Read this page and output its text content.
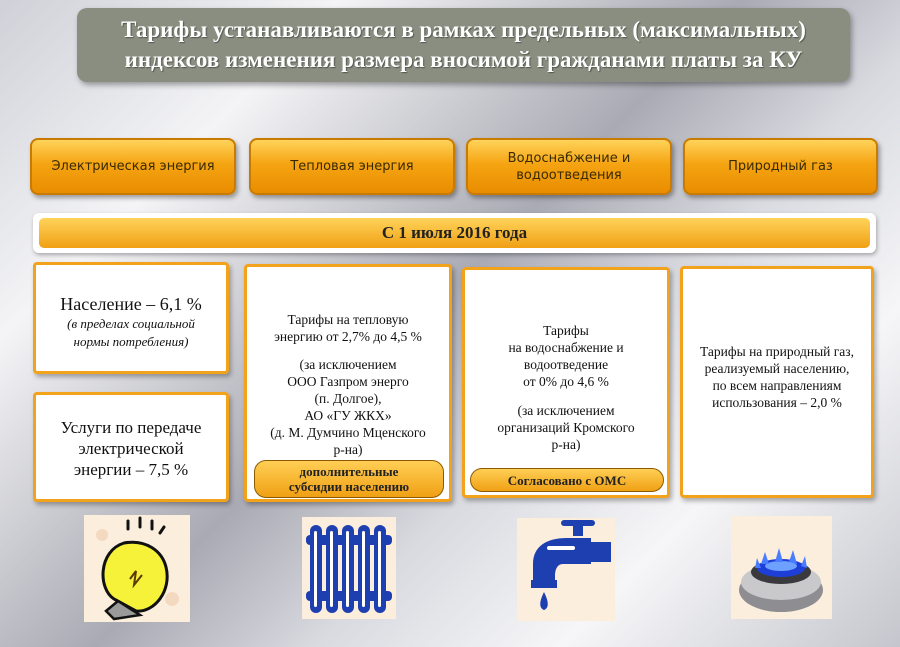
Тарифы устанавливаются в рамках предельных (максимальных)
индексов изменения размера вносимой гражданами платы за КУ
Электрическая энергия	Тепловая энергия
Водоснабжение и
водоотведения
Природный газ
С 1 июля 2016 года
Население – 6,1 %
(в пределах социальной
нормы потребления)
Услуги по передаче
электрической
энергии – 7,5 %
Тарифы на тепловую
энергию от 2,7% до 4,5 %
(за исключением
ООО Газпром энерго
(п. Долгое),
АО «ГУ ЖКХ»
(д. М. Думчино Мценского
р-на)
дополнительные
субсидии населению
Тарифы
на водоснабжение и
водоотведение
от 0% до 4,6 %
(за исключением
организаций Кромского
р-на)
Согласовано с ОМС
Тарифы на природный газ,
реализуемый населению,
по всем направлениям
использования – 2,0 %
